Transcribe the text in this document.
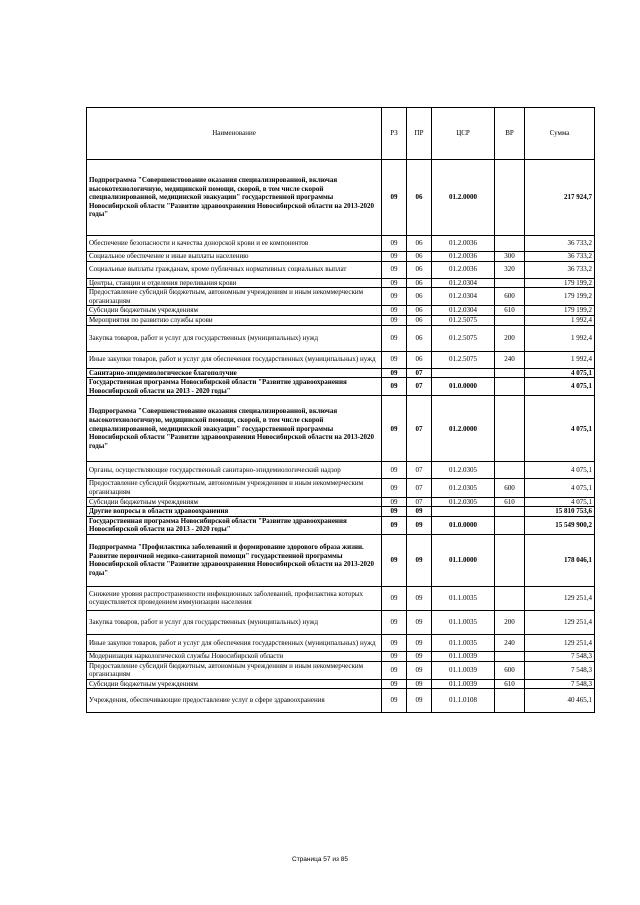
Наименование	РЗ	ПР	ЦСР	ВР	Сумма
Подпрограмма "Совершенствование оказания специализированной, включая высокотехнологичную, медицинской помощи, скорой, в том числе скорой специализированной, медицинской эвакуации" государственной программы Новосибирской области "Развитие здравоохранения Новосибирской области на 2013-2020 годы"	09	06	01.2.0000		217 924,7
Обеспечение безопасности и качества донорской крови и ее компонентов	09	06	01.2.0036		36 733,2
Социальное обеспечение и иные выплаты населению	09	06	01.2.0036	300	36 733,2
Социальные выплаты гражданам, кроме публичных нормативных социальных выплат	09	06	01.2.0036	320	36 733,2
Центры, станции и отделения переливания крови	09	06	01.2.0304		179 199,2
Предоставление субсидий бюджетным, автономным учреждениям и иным некоммерческим организациям	09	06	01.2.0304	600	179 199,2
Субсидии бюджетным учреждениям	09	06	01.2.0304	610	179 199,2
Мероприятия по развитию службы крови	09	06	01.2.5075		1 992,4
Закупка товаров, работ и услуг для государственных (муниципальных) нужд	09	06	01.2.5075	200	1 992,4
Иные закупки товаров, работ и услуг для обеспечения государственных (муниципальных) нужд	09	06	01.2.5075	240	1 992,4
Санитарно-эпидемиологическое благополучие	09	07			4 075,1
Государственная программа Новосибирской области "Развитие здравоохранения Новосибирской области на 2013 - 2020 годы"	09	07	01.0.0000		4 075,1
Подпрограмма "Совершенствование оказания специализированной, включая высокотехнологичную, медицинской помощи, скорой, в том числе скорой специализированной, медицинской эвакуации" государственной программы Новосибирской области "Развитие здравоохранения Новосибирской области на 2013-2020 годы"	09	07	01.2.0000		4 075,1
Органы, осуществляющие государственный санитарно-эпидемиологический надзор	09	07	01.2.0305		4 075,1
Предоставление субсидий бюджетным, автономным учреждениям и иным некоммерческим организациям	09	07	01.2.0305	600	4 075,1
Субсидии бюджетным учреждениям	09	07	01.2.0305	610	4 075,1
Другие вопросы в области здравоохранения	09	09			15 810 753,6
Государственная программа Новосибирской области "Развитие здравоохранения Новосибирской области на 2013 - 2020 годы"	09	09	01.0.0000		15 549 900,2
Подпрограмма "Профилактика заболеваний и формирование здорового образа жизни. Развитие первичной медико-санитарной помощи" государственной программы Новосибирской области "Развитие здравоохранения Новосибирской области на 2013-2020 годы"	09	09	01.1.0000		178 046,1
Снижение уровня распространенности инфекционных заболеваний, профилактика которых осуществляется проведением иммунизации населения	09	09	01.1.0035		129 251,4
Закупка товаров, работ и услуг для государственных (муниципальных) нужд	09	09	01.1.0035	200	129 251,4
Иные закупки товаров, работ и услуг для обеспечения государственных (муниципальных) нужд	09	09	01.1.0035	240	129 251,4
Модернизация наркологической службы Новосибирской области	09	09	01.1.0039		7 548,3
Предоставление субсидий бюджетным, автономным учреждениям и иным некоммерческим организациям	09	09	01.1.0039	600	7 548,3
Субсидии бюджетным учреждениям	09	09	01.1.0039	610	7 548,3
Учреждения, обеспечивающие предоставление услуг в сфере здравоохранения	09	09	01.1.0108		40 465,1
Страница 57 из 85
